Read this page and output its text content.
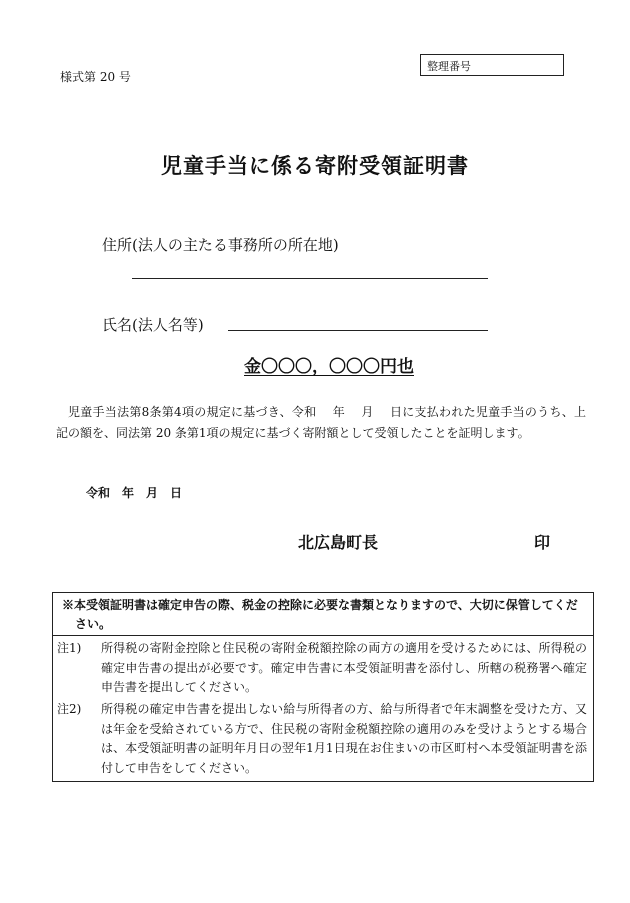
様式第 20 号
整理番号
児童手当に係る寄附受領証明書
住所(法人の主たる事務所の所在地)
氏名(法人名等)
金〇〇〇，〇〇〇円也
児童手当法第8条第4項の規定に基づき、令和　 年　 月　 日に支払われた児童手当のうち、上記の額を、同法第 20 条第1項の規定に基づく寄附額として受領したことを証明します。
令和　年　月　日
北広島町長	印
※本受領証明書は確定申告の際、税金の控除に必要な書類となりますので、大切に保管してください。
注1) 所得税の寄附金控除と住民税の寄附金税額控除の両方の適用を受けるためには、所得税の確定申告書の提出が必要です。確定申告書に本受領証明書を添付し、所轄の税務署へ確定申告書を提出してください。
注2) 所得税の確定申告書を提出しない給与所得者の方、給与所得者で年末調整を受けた方、又は年金を受給されている方で、住民税の寄附金税額控除の適用のみを受けようとする場合は、本受領証明書の証明年月日の翌年1月1日現在お住まいの市区町村へ本受領証明書を添付して申告をしてください。
